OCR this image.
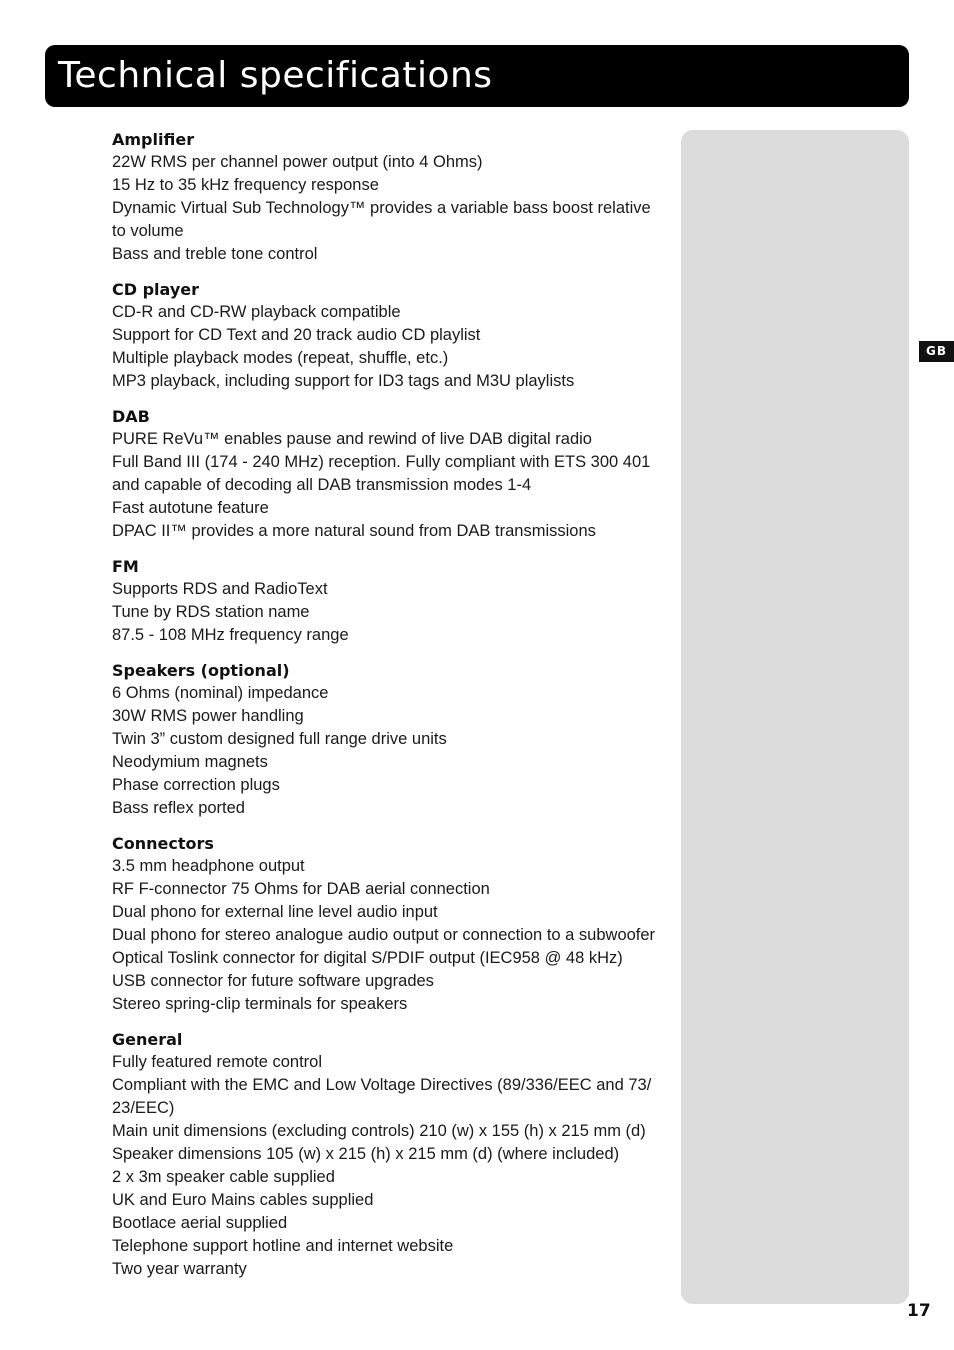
Technical specifications
GB
Amplifier

22W RMS per channel power output (into 4 Ohms)

15 Hz to 35 kHz frequency response

Dynamic Virtual Sub Technology™ provides a variable bass boost relative to volume

Bass and treble tone control

CD player

CD-R and CD-RW playback compatible

Support for CD Text and 20 track audio CD playlist

Multiple playback modes (repeat, shuffle, etc.)

MP3 playback, including support for ID3 tags and M3U playlists

DAB

PURE ReVu™ enables pause and rewind of live DAB digital radio

Full Band III (174 - 240 MHz) reception. Fully compliant with ETS 300 401 and capable of decoding all DAB transmission modes 1-4

Fast autotune feature

DPAC II™ provides a more natural sound from DAB transmissions

FM

Supports RDS and RadioText

Tune by RDS station name

87.5 - 108 MHz frequency range

Speakers (optional)

6 Ohms (nominal) impedance

30W RMS power handling

Twin 3” custom designed full range drive units

Neodymium magnets

Phase correction plugs

Bass reflex ported

Connectors

3.5 mm headphone output

RF F-connector 75 Ohms for DAB aerial connection

Dual phono for external line level audio input

Dual phono for stereo analogue audio output or connection to a subwoofer

Optical Toslink connector for digital S/PDIF output (IEC958 @ 48 kHz)

USB connector for future software upgrades

Stereo spring-clip terminals for speakers

General

Fully featured remote control

Compliant with the EMC and Low Voltage Directives (89/336/EEC and 73/ 23/EEC)

Main unit dimensions (excluding controls) 210 (w) x 155 (h) x 215 mm (d)

Speaker dimensions 105 (w) x 215 (h) x 215 mm (d) (where included)

2 x 3m speaker cable supplied

UK and Euro Mains cables supplied

Bootlace aerial supplied

Telephone support hotline and internet website

Two year warranty

17
